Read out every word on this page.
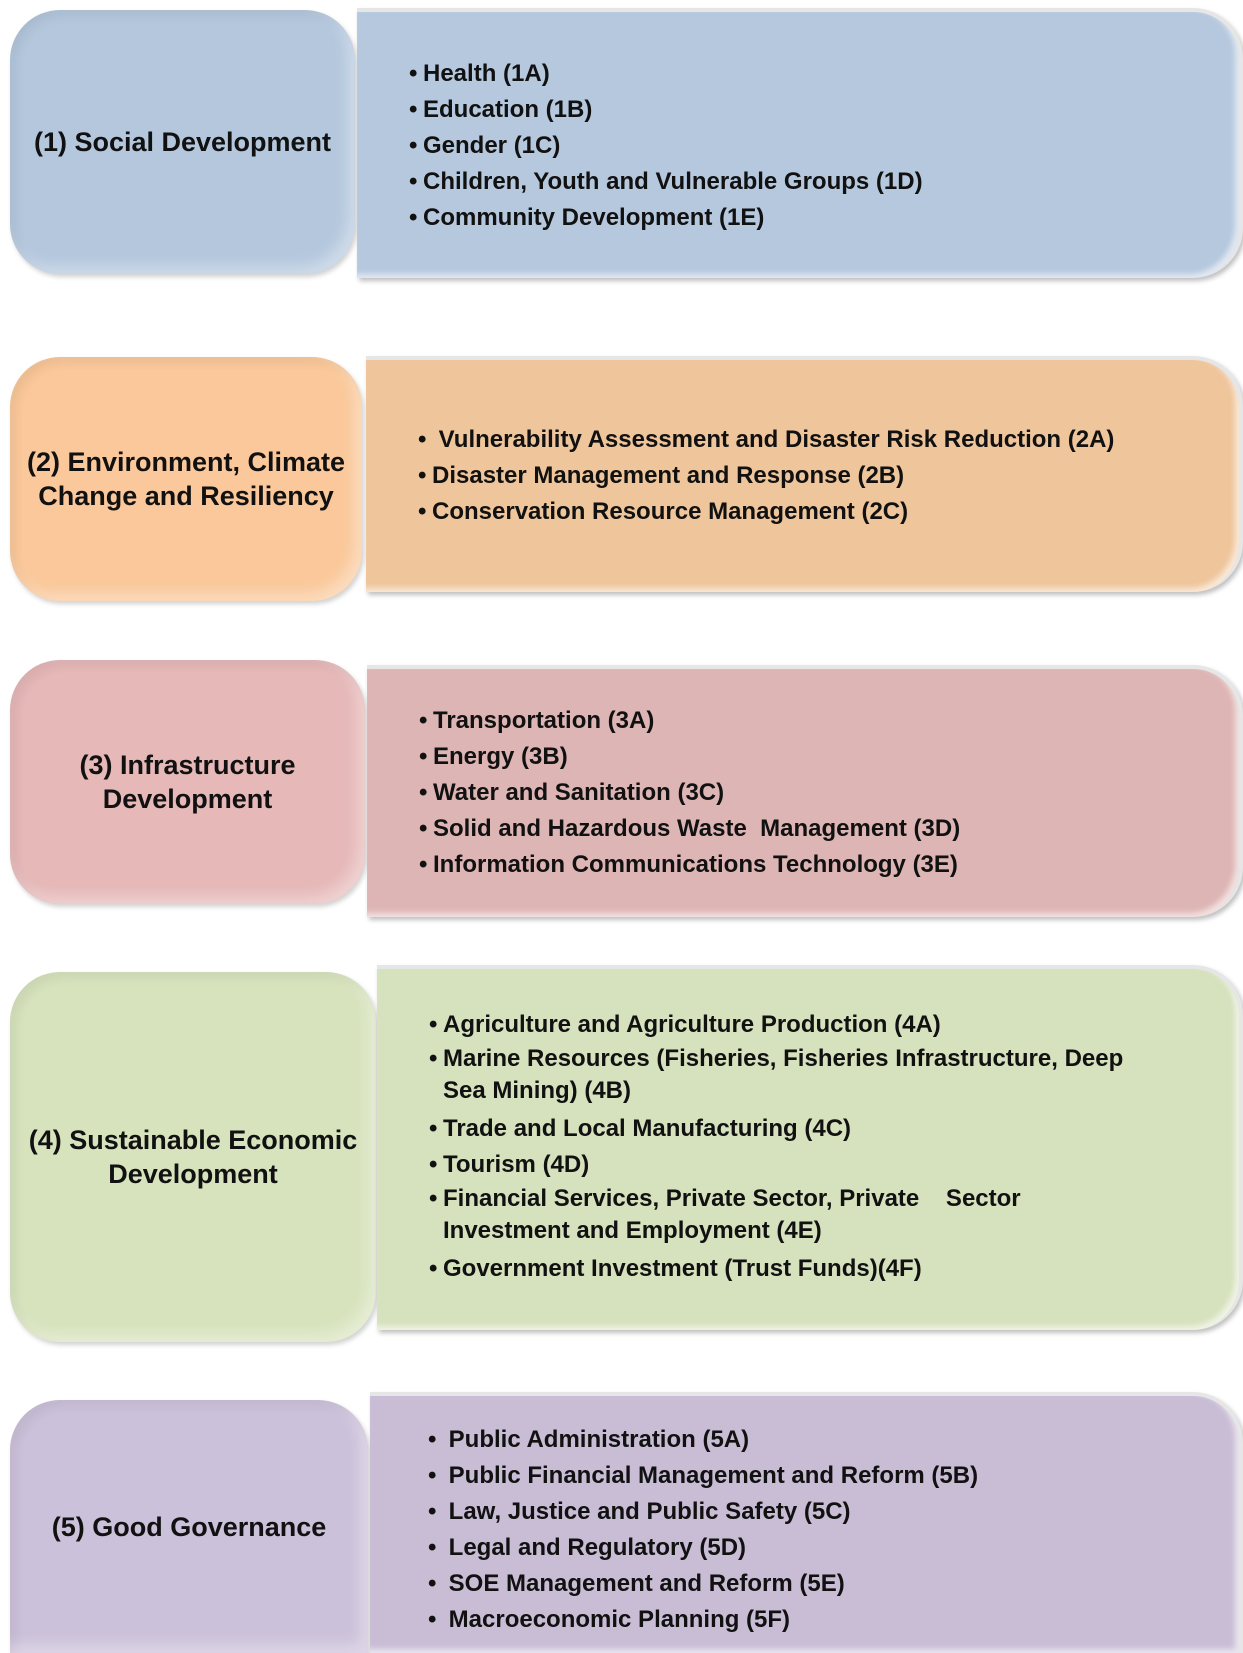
(1) Social Development
• Health (1A)
• Education (1B)
• Gender (1C)
• Children, Youth and Vulnerable Groups (1D)
• Community Development (1E)
(2) Environment, Climate Change and Resiliency
• Vulnerability Assessment and Disaster Risk Reduction (2A)
• Disaster Management and Response (2B)
• Conservation Resource Management (2C)
(3) Infrastructure Development
• Transportation (3A)
• Energy (3B)
• Water and Sanitation (3C)
• Solid and Hazardous Waste  Management (3D)
• Information Communications Technology (3E)
(4) Sustainable Economic Development
• Agriculture and Agriculture Production (4A)
• Marine Resources (Fisheries, Fisheries Infrastructure, Deep Sea Mining) (4B)
• Trade and Local Manufacturing (4C)
• Tourism (4D)
• Financial Services, Private Sector, Private    Sector Investment and Employment (4E)
• Government Investment (Trust Funds)(4F)
(5) Good Governance
• Public Administration (5A)
• Public Financial Management and Reform (5B)
• Law, Justice and Public Safety (5C)
• Legal and Regulatory (5D)
• SOE Management and Reform (5E)
• Macroeconomic Planning (5F)
